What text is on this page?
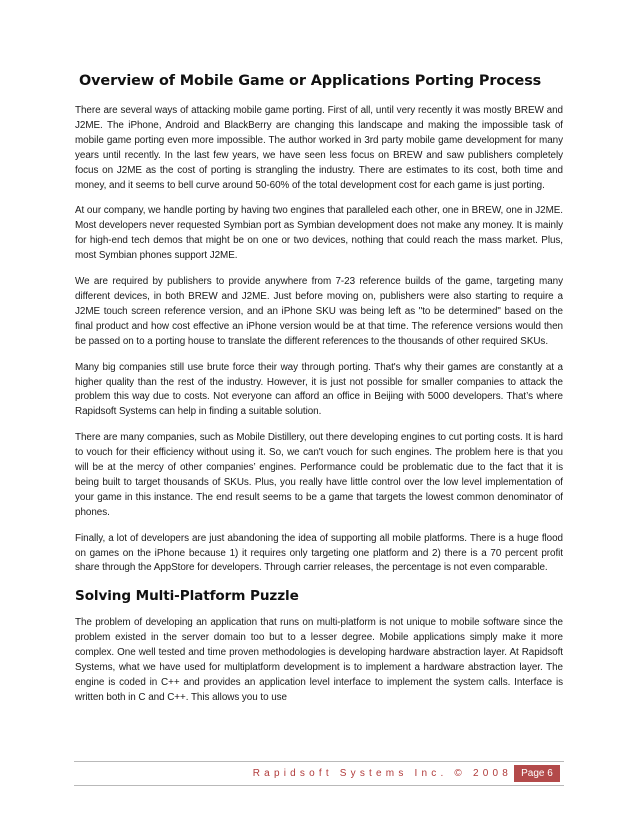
Overview of Mobile Game or Applications Porting Process

There are several ways of attacking mobile game porting. First of all, until very recently it was mostly BREW and J2ME. The iPhone, Android and BlackBerry are changing this landscape and making the impossible task of mobile game porting even more impossible. The author worked in 3rd party mobile game development for many years until recently. In the last few years, we have seen less focus on BREW and saw publishers completely focus on J2ME as the cost of porting is strangling the industry. There are estimates to its cost, both time and money, and it seems to bell curve around 50-60% of the total development cost for each game is just porting.

At our company, we handle porting by having two engines that paralleled each other, one in BREW, one in J2ME. Most developers never requested Symbian port as Symbian development does not make any money. It is mainly for high-end tech demos that might be on one or two devices, nothing that could reach the mass market. Plus, most Symbian phones support J2ME.

We are required by publishers to provide anywhere from 7-23 reference builds of the game, targeting many different devices, in both BREW and J2ME. Just before moving on, publishers were also starting to require a J2ME touch screen reference version, and an iPhone SKU was being left as "to be determined" based on the final product and how cost effective an iPhone version would be at that time. The reference versions would then be passed on to a porting house to translate the different references to the thousands of other required SKUs.

Many big companies still use brute force their way through porting. That's why their games are constantly at a higher quality than the rest of the industry. However, it is just not possible for smaller companies to attack the problem this way due to costs. Not everyone can afford an office in Beijing with 5000 developers. That’s where Rapidsoft Systems can help in finding a suitable solution.

There are many companies, such as Mobile Distillery, out there developing engines to cut porting costs. It is hard to vouch for their efficiency without using it. So, we can't vouch for such engines. The problem here is that you will be at the mercy of other companies’ engines. Performance could be problematic due to the fact that it is being built to target thousands of SKUs. Plus, you really have little control over the low level implementation of your game in this instance. The end result seems to be a game that targets the lowest common denominator of phones.

Finally, a lot of developers are just abandoning the idea of supporting all mobile platforms. There is a huge flood on games on the iPhone because 1) it requires only targeting one platform and 2) there is a 70 percent profit share through the AppStore for developers. Through carrier releases, the percentage is not even comparable.

Solving Multi-Platform Puzzle

The problem of developing an application that runs on multi-platform is not unique to mobile software since the problem existed in the server domain too but to a lesser degree. Mobile applications simply make it more complex. One well tested and time proven methodologies is developing hardware abstraction layer. At Rapidsoft Systems, what we have used for multiplatform development is to implement a hardware abstraction layer. The engine is coded in C++ and provides an application level interface to implement the system calls. Interface is written both in C and C++. This allows you to use

Rapidsoft Systems Inc. © 2008 Page 6
